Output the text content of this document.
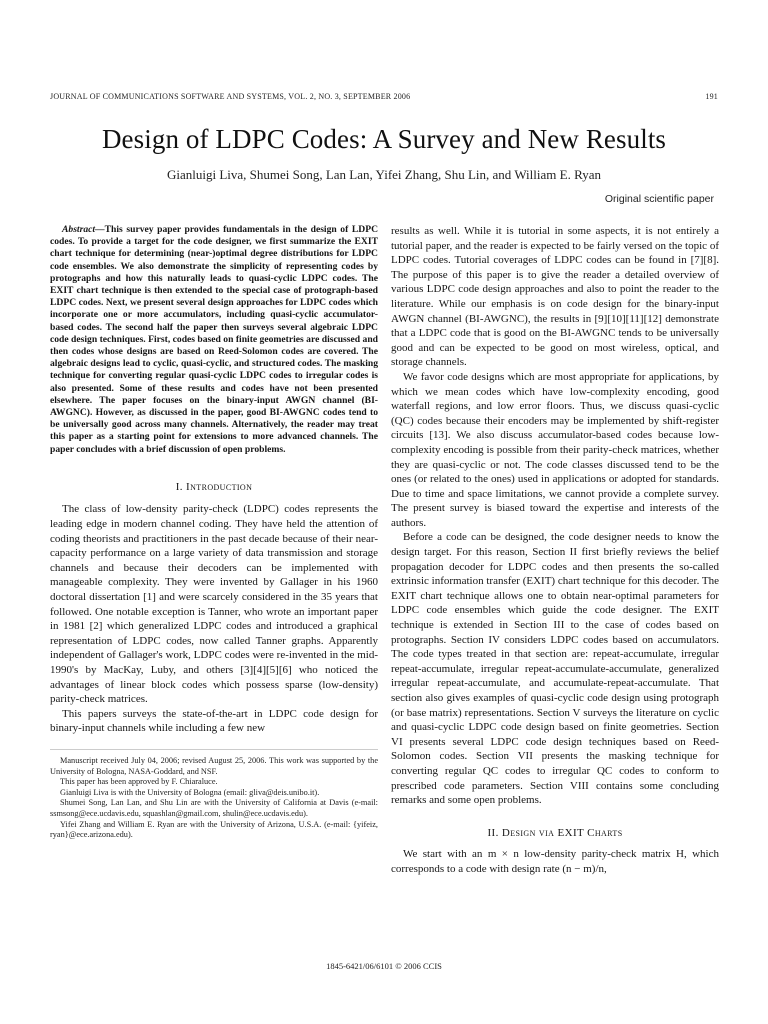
JOURNAL OF COMMUNICATIONS SOFTWARE AND SYSTEMS, VOL. 2, NO. 3, SEPTEMBER 2006	191
Design of LDPC Codes: A Survey and New Results
Gianluigi Liva, Shumei Song, Lan Lan, Yifei Zhang, Shu Lin, and William E. Ryan
Original scientific paper

Abstract—This survey paper provides fundamentals in the design of LDPC codes. To provide a target for the code designer, we first summarize the EXIT chart technique for determining (near-)optimal degree distributions for LDPC code ensembles. We also demonstrate the simplicity of representing codes by protographs and how this naturally leads to quasi-cyclic LDPC codes. The EXIT chart technique is then extended to the special case of protograph-based LDPC codes. Next, we present several design approaches for LDPC codes which incorporate one or more accumulators, including quasi-cyclic accumulator-based codes. The second half the paper then surveys several algebraic LDPC code design techniques. First, codes based on finite geometries are discussed and then codes whose designs are based on Reed-Solomon codes are covered. The algebraic designs lead to cyclic, quasi-cyclic, and structured codes. The masking technique for converting regular quasi-cyclic LDPC codes to irregular codes is also presented. Some of these results and codes have not been presented elsewhere. The paper focuses on the binary-input AWGN channel (BI-AWGNC). However, as discussed in the paper, good BI-AWGNC codes tend to be universally good across many channels. Alternatively, the reader may treat this paper as a starting point for extensions to more advanced channels. The paper concludes with a brief discussion of open problems.

I. Introduction

The class of low-density parity-check (LDPC) codes represents the leading edge in modern channel coding. They have held the attention of coding theorists and practitioners in the past decade because of their near-capacity performance on a large variety of data transmission and storage channels and because their decoders can be implemented with manageable complexity. They were invented by Gallager in his 1960 doctoral dissertation [1] and were scarcely considered in the 35 years that followed. One notable exception is Tanner, who wrote an important paper in 1981 [2] which generalized LDPC codes and introduced a graphical representation of LDPC codes, now called Tanner graphs. Apparently independent of Gallager's work, LDPC codes were re-invented in the mid-1990's by MacKay, Luby, and others [3][4][5][6] who noticed the advantages of linear block codes which possess sparse (low-density) parity-check matrices.

This papers surveys the state-of-the-art in LDPC code design for binary-input channels while including a few new

Manuscript received July 04, 2006; revised August 25, 2006. This work was supported by the University of Bologna, NASA-Goddard, and NSF.
This paper has been approved by F. Chiaraluce.
Gianluigi Liva is with the University of Bologna (email: gliva@deis.unibo.it).
Shumei Song, Lan Lan, and Shu Lin are with the University of California at Davis (e-mail: ssmsong@ece.ucdavis.edu, squashlan@gmail.com, shulin@ece.ucdavis.edu).
Yifei Zhang and William E. Ryan are with the University of Arizona, U.S.A. (e-mail: {yifeiz, ryan}@ece.arizona.edu).

results as well. While it is tutorial in some aspects, it is not entirely a tutorial paper, and the reader is expected to be fairly versed on the topic of LDPC codes. Tutorial coverages of LDPC codes can be found in [7][8]. The purpose of this paper is to give the reader a detailed overview of various LDPC code design approaches and also to point the reader to the literature. While our emphasis is on code design for the binary-input AWGN channel (BI-AWGNC), the results in [9][10][11][12] demonstrate that a LDPC code that is good on the BI-AWGNC tends to be universally good and can be expected to be good on most wireless, optical, and storage channels.

We favor code designs which are most appropriate for applications, by which we mean codes which have low-complexity encoding, good waterfall regions, and low error floors. Thus, we discuss quasi-cyclic (QC) codes because their encoders may be implemented by shift-register circuits [13]. We also discuss accumulator-based codes because low-complexity encoding is possible from their parity-check matrices, whether they are quasi-cyclic or not. The code classes discussed tend to be the ones (or related to the ones) used in applications or adopted for standards. Due to time and space limitations, we cannot provide a complete survey. The present survey is biased toward the expertise and interests of the authors.

Before a code can be designed, the code designer needs to know the design target. For this reason, Section II first briefly reviews the belief propagation decoder for LDPC codes and then presents the so-called extrinsic information transfer (EXIT) chart technique for this decoder. The EXIT chart technique allows one to obtain near-optimal parameters for LDPC code ensembles which guide the code designer. The EXIT technique is extended in Section III to the case of codes based on protographs. Section IV considers LDPC codes based on accumulators. The code types treated in that section are: repeat-accumulate, irregular repeat-accumulate, irregular repeat-accumulate-accumulate, generalized irregular repeat-accumulate, and accumulate-repeat-accumulate. That section also gives examples of quasi-cyclic code design using protograph (or base matrix) representations. Section V surveys the literature on cyclic and quasi-cyclic LDPC code design based on finite geometries. Section VI presents several LDPC code design techniques based on Reed-Solomon codes. Section VII presents the masking technique for converting regular QC codes to irregular QC codes to conform to prescribed code parameters. Section VIII contains some concluding remarks and some open problems.

II. Design via EXIT Charts

We start with an m × n low-density parity-check matrix H, which corresponds to a code with design rate (n − m)/n,

1845-6421/06/6101 © 2006 CCIS
